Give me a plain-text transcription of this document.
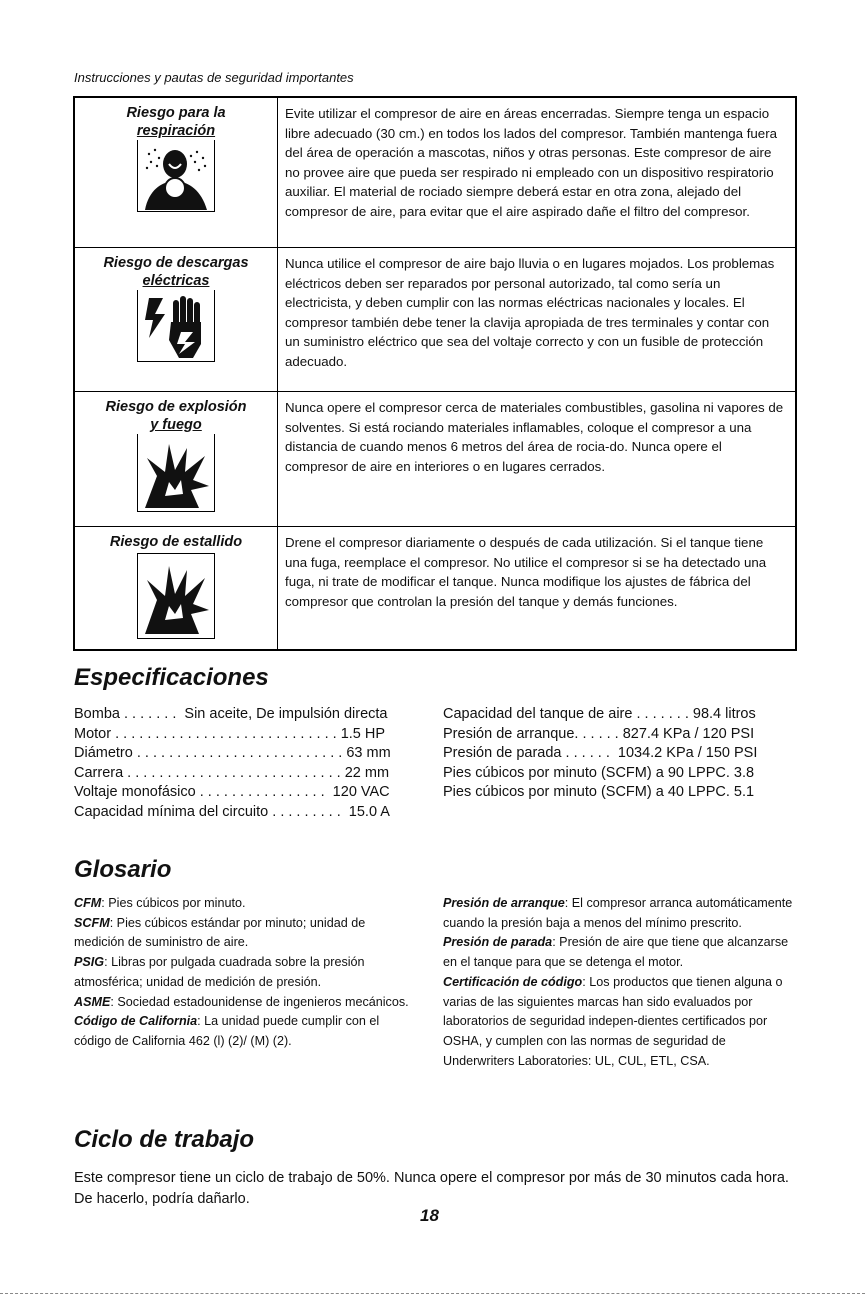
Instrucciones y pautas de seguridad importantes
Riesgo para la
respiración
Evite utilizar el compresor de aire en áreas encerradas. Siempre tenga un espacio libre adecuado (30 cm.) en todos los lados del compresor. También mantenga fuera del área de operación a mascotas, niños y otras personas. Este compresor de aire no provee aire que pueda ser respirado ni empleado con un dispositivo respiratorio auxiliar. El material de rociado siempre deberá estar en otra zona, alejado del compresor de aire, para evitar que el aire aspirado dañe el filtro del compresor.
Riesgo de descargas
eléctricas
Nunca utilice el compresor de aire bajo lluvia o en lugares mojados. Los problemas eléctricos deben ser reparados por personal autorizado, tal como sería un electricista, y deben cumplir con las normas eléctricas nacionales y locales. El compresor también debe tener la clavija apropiada de tres terminales y contar con un suministro eléctrico que sea del voltaje correcto y con un fusible de protección adecuado.
Riesgo de explosión
y fuego
Nunca opere el compresor cerca de materiales combustibles, gasolina ni vapores de solventes. Si está rociando materiales inflamables, coloque el compresor a una distancia de cuando menos 6 metros del área de rocia-do. Nunca opere el compresor de aire en interiores o en lugares cerrados.
Riesgo de estallido	Drene el compresor diariamente o después de cada utilización. Si el tanque tiene una fuga, reemplace el compresor. No utilice el compresor si se ha detectado una fuga, ni trate de modificar el tanque. Nunca modifique los ajustes de fábrica del compresor que controlan la presión del tanque y demás funciones.
Especificaciones
Bomba . . . . . . .  Sin aceite, De impulsión directa
Motor . . . . . . . . . . . . . . . . . . . . . . . . . . . . 1.5 HP
Diámetro . . . . . . . . . . . . . . . . . . . . . . . . . . 63 mm
Carrera . . . . . . . . . . . . . . . . . . . . . . . . . . . 22 mm
Voltaje monofásico . . . . . . . . . . . . . . . .  120 VAC
Capacidad mínima del circuito . . . . . . . . .  15.0 A
Capacidad del tanque de aire . . . . . . . 98.4 litros
Presión de arranque. . . . . . 827.4 KPa / 120 PSI
Presión de parada . . . . . .  1034.2 KPa / 150 PSI
Pies cúbicos por minuto (SCFM) a 90 LPPC. 3.8
Pies cúbicos por minuto (SCFM) a 40 LPPC. 5.1
Glosario

CFM: Pies cúbicos por minuto.

SCFM: Pies cúbicos estándar por minuto; unidad de medición de suministro de aire.

PSIG: Libras por pulgada cuadrada sobre la presión atmosférica; unidad de medición de presión.

ASME: Sociedad estadounidense de ingenieros mecánicos.

Código de California: La unidad puede cumplir con el código de California 462 (l) (2)/ (M) (2).

Presión de arranque: El compresor arranca automáticamente cuando la presión baja a menos del mínimo prescrito.

Presión de parada: Presión de aire que tiene que alcanzarse en el tanque para que se detenga el motor.

Certificación de código: Los productos que tienen alguna o varias de las siguientes marcas han sido evaluados por laboratorios de seguridad indepen-dientes certificados por OSHA, y cumplen con las normas de seguridad de Underwriters Laboratories: UL, CUL, ETL, CSA.

Ciclo de trabajo
Este compresor tiene un ciclo de trabajo de 50%. Nunca opere el compresor por más de 30 minutos cada hora. De hacerlo, podría dañarlo.
18
